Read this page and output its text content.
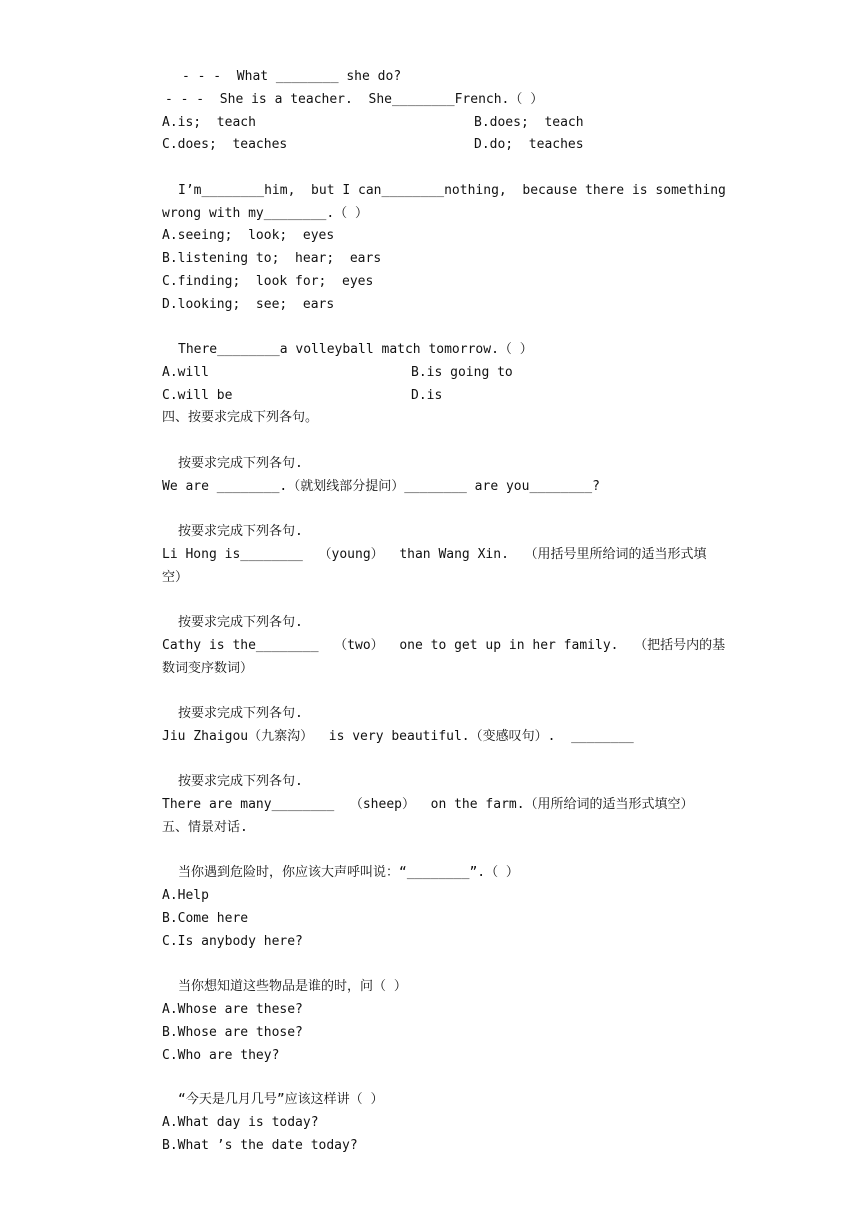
- - -  What ________ she do?
- - -  She is a teacher.  She________French.（ ）
A.is;  teach	B.does;  teach
C.does;  teaches	D.do;  teaches
I’m________him,  but I can________nothing,  because there is something
wrong with my________.（ ）
A.seeing;  look;  eyes
B.listening to;  hear;  ears
C.finding;  look for;  eyes
D.looking;  see;  ears
There________a volleyball match tomorrow.（ ）
A.will	B.is going to
C.will be	D.is
四、按要求完成下列各句。
按要求完成下列各句.
We are ________.（就划线部分提问）________ are you________?
按要求完成下列各句.
Li Hong is________  （young）  than Wang Xin.  （用括号里所给词的适当形式填
空）
按要求完成下列各句.
Cathy is the________  （two）  one to get up in her family.  （把括号内的基
数词变序数词）
按要求完成下列各句.
Jiu Zhaigou（九寨沟）  is very beautiful.（变感叹句）.  ________
按要求完成下列各句.
There are many________  （sheep）  on the farm.（用所给词的适当形式填空）
五、情景对话.
当你遇到危险时，你应该大声呼叫说：“________”.（ ）
A.Help
B.Come here
C.Is anybody here?
当你想知道这些物品是谁的时，问（ ）
A.Whose are these?
B.Whose are those?
C.Who are they?
“今天是几月几号”应该这样讲（ ）
A.What day is today?
B.What ’s the date today?
